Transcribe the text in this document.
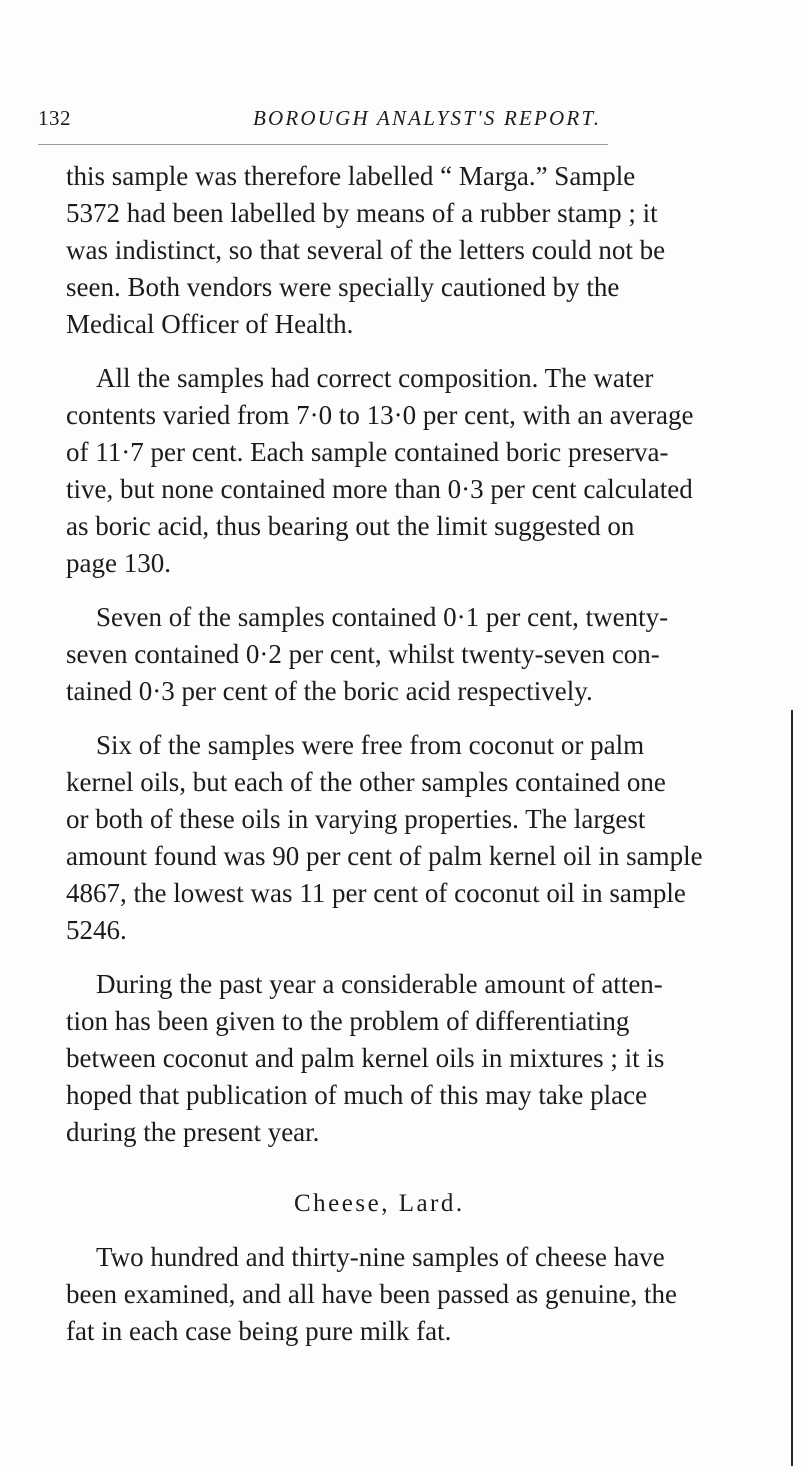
132	BOROUGH ANALYST'S REPORT.
this sample was therefore labelled “ Marga.” Sample
5372 had been labelled by means of a rubber stamp ; it
was indistinct, so that several of the letters could not be
seen. Both vendors were specially cautioned by the
Medical Officer of Health.
All the samples had correct composition. The water
contents varied from 7·0 to 13·0 per cent, with an average
of 11·7 per cent. Each sample contained boric preserva-
tive, but none contained more than 0·3 per cent calculated
as boric acid, thus bearing out the limit suggested on
page 130.
Seven of the samples contained 0·1 per cent, twenty-
seven contained 0·2 per cent, whilst twenty-seven con-
tained 0·3 per cent of the boric acid respectively.
Six of the samples were free from coconut or palm
kernel oils, but each of the other samples contained one
or both of these oils in varying properties. The largest
amount found was 90 per cent of palm kernel oil in sample
4867, the lowest was 11 per cent of coconut oil in sample
5246.
During the past year a considerable amount of atten-
tion has been given to the problem of differentiating
between coconut and palm kernel oils in mixtures ; it is
hoped that publication of much of this may take place
during the present year.
Cheese, Lard.
Two hundred and thirty-nine samples of cheese have
been examined, and all have been passed as genuine, the
fat in each case being pure milk fat.
